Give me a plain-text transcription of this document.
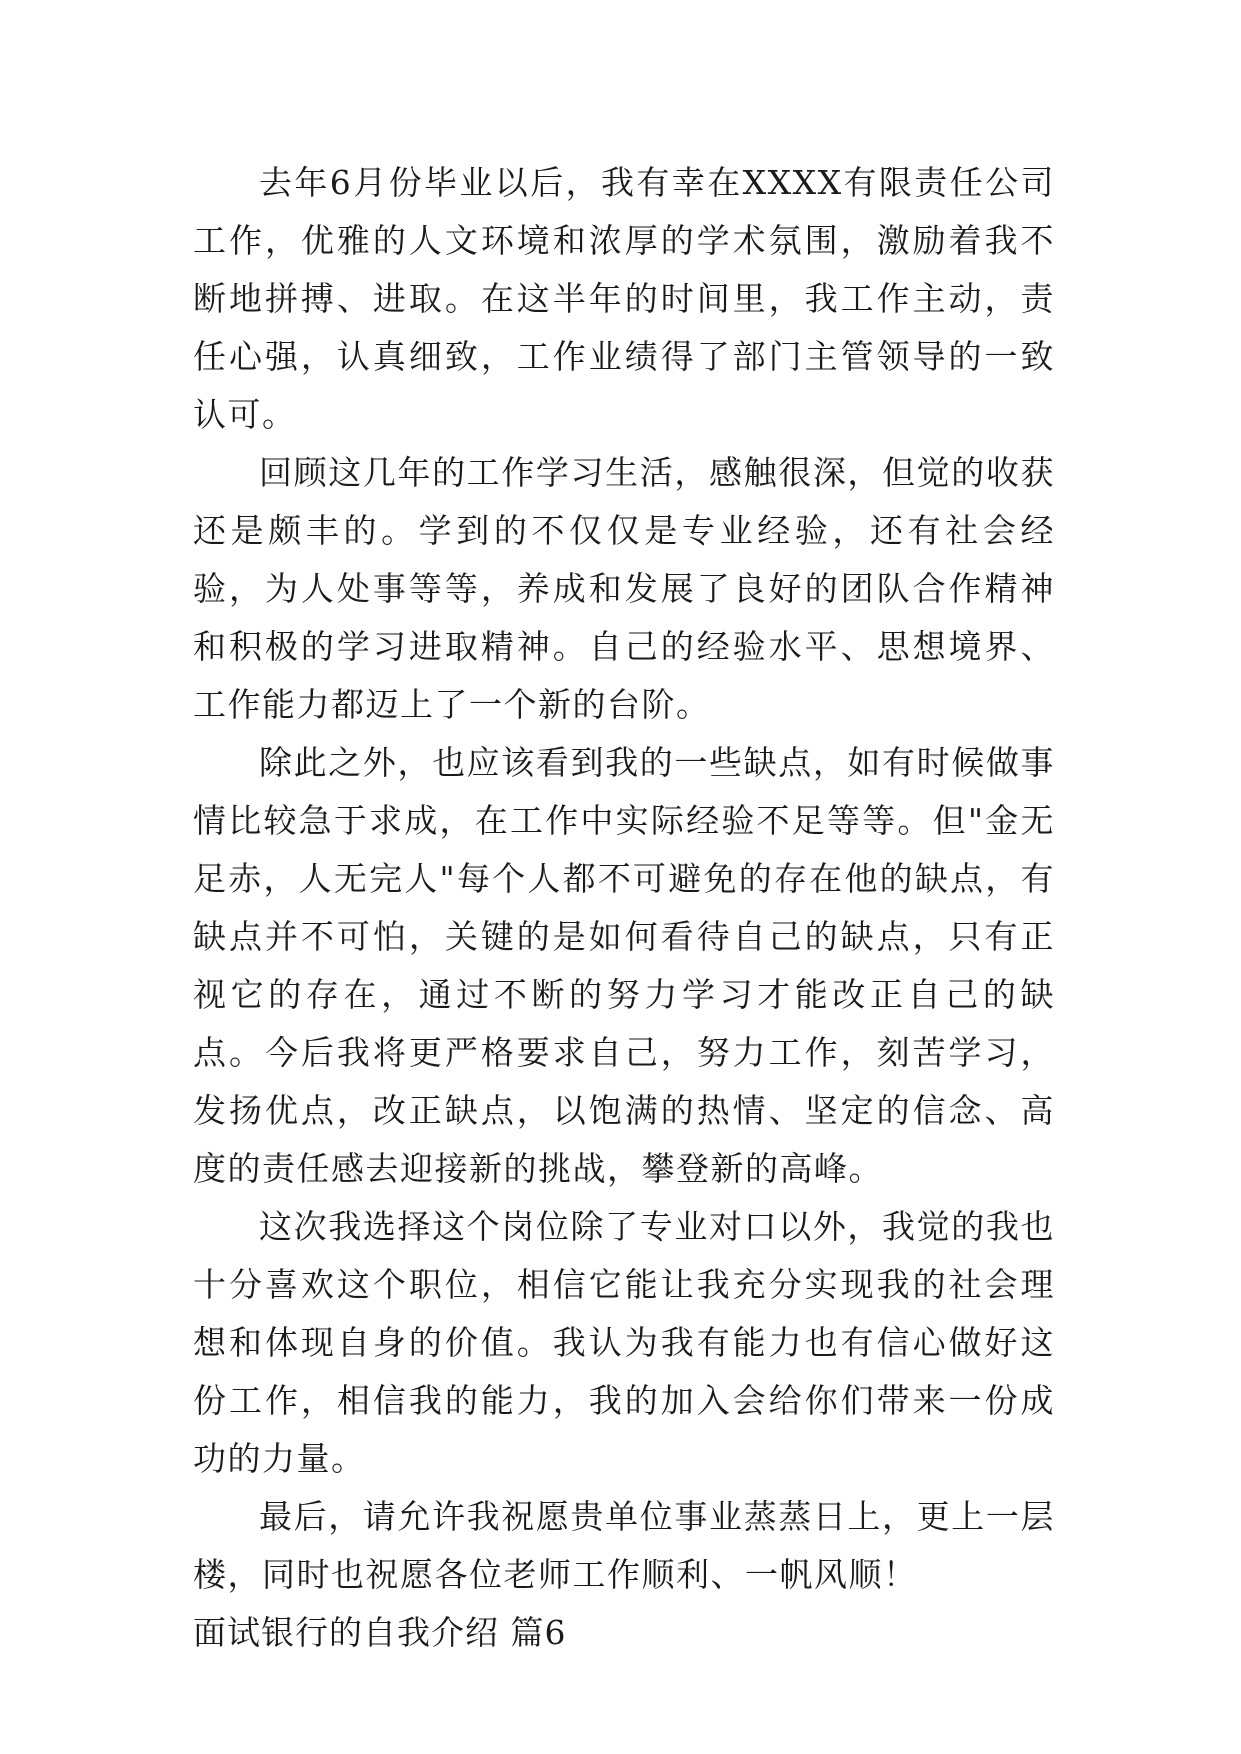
去年6月份毕业以后，我有幸在XXXX有限责任公司工作，优雅的人文环境和浓厚的学术氛围，激励着我不断地拼搏、进取。在这半年的时间里，我工作主动，责任心强，认真细致，工作业绩得了部门主管领导的一致认可。

回顾这几年的工作学习生活，感触很深，但觉的收获还是颇丰的。学到的不仅仅是专业经验，还有社会经验，为人处事等等，养成和发展了良好的团队合作精神和积极的学习进取精神。自己的经验水平、思想境界、工作能力都迈上了一个新的台阶。

除此之外，也应该看到我的一些缺点，如有时候做事情比较急于求成，在工作中实际经验不足等等。但"金无足赤，人无完人"每个人都不可避免的存在他的缺点，有缺点并不可怕，关键的是如何看待自己的缺点，只有正视它的存在，通过不断的努力学习才能改正自己的缺点。今后我将更严格要求自己，努力工作，刻苦学习，发扬优点，改正缺点，以饱满的热情、坚定的信念、高度的责任感去迎接新的挑战，攀登新的高峰。

这次我选择这个岗位除了专业对口以外，我觉的我也十分喜欢这个职位，相信它能让我充分实现我的社会理想和体现自身的价值。我认为我有能力也有信心做好这份工作，相信我的能力，我的加入会给你们带来一份成功的力量。

最后，请允许我祝愿贵单位事业蒸蒸日上，更上一层楼，同时也祝愿各位老师工作顺利、一帆风顺！

面试银行的自我介绍 篇6
